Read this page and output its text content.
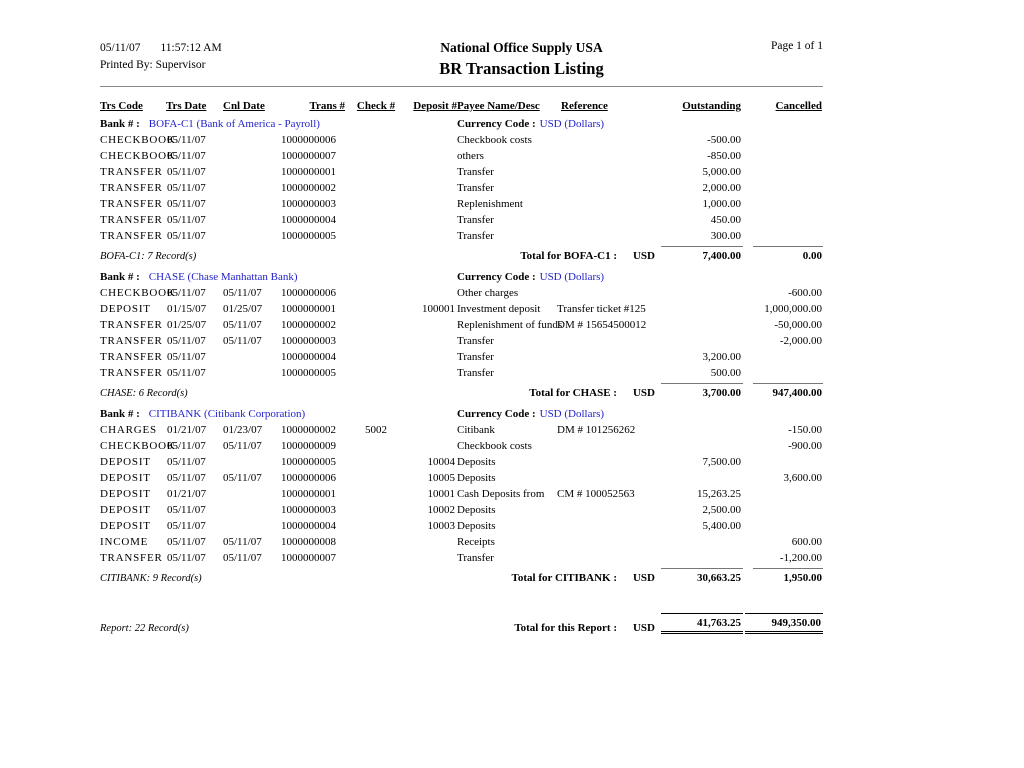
05/11/07 11:57:12 AM
Printed By: Supervisor
National Office Supply USA
BR Transaction Listing
Page 1 of 1
Trs Code	Trs Date	Cnl Date	Trans #	Check #	Deposit #	Payee Name/Desc	Reference	Outstanding	Cancelled
Bank # : BOFA-C1 (Bank of America - Payroll)						Currency Code : USD (Dollars)			
CHECKBOOK	05/11/07		1000000006			Checkbook costs		-500.00	
CHECKBOOK	05/11/07		1000000007			others		-850.00	
TRANSFER	05/11/07		1000000001			Transfer		5,000.00	
TRANSFER	05/11/07		1000000002			Transfer		2,000.00	
TRANSFER	05/11/07		1000000003			Replenishment		1,000.00	
TRANSFER	05/11/07		1000000004			Transfer		450.00	
TRANSFER	05/11/07		1000000005			Transfer		300.00	
BOFA-C1: 7 Record(s)				Total for BOFA-C1 : USD				7,400.00	0.00

Bank # : CHASE (Chase Manhattan Bank)						Currency Code : USD (Dollars)			
CHECKBOOK	05/11/07	05/11/07	1000000006			Other charges			-600.00
DEPOSIT	01/15/07	01/25/07	1000000001		100001	Investment deposit	Transfer ticket #125		1,000,000.00
TRANSFER	01/25/07	05/11/07	1000000002			Replenishment of funds	DM # 15654500012		-50,000.00
TRANSFER	05/11/07	05/11/07	1000000003			Transfer			-2,000.00
TRANSFER	05/11/07		1000000004			Transfer		3,200.00	
TRANSFER	05/11/07		1000000005			Transfer		500.00	
CHASE: 6 Record(s)				Total for CHASE : USD				3,700.00	947,400.00

Bank # : CITIBANK (Citibank Corporation)						Currency Code : USD (Dollars)			
CHARGES	01/21/07	01/23/07	1000000002	5002		Citibank	DM # 101256262		-150.00
CHECKBOOK	05/11/07	05/11/07	1000000009			Checkbook costs			-900.00
DEPOSIT	05/11/07		1000000005		10004	Deposits		7,500.00	
DEPOSIT	05/11/07	05/11/07	1000000006		10005	Deposits			3,600.00
DEPOSIT	01/21/07		1000000001		10001	Cash Deposits from	CM # 100052563	15,263.25	
DEPOSIT	05/11/07		1000000003		10002	Deposits		2,500.00	
DEPOSIT	05/11/07		1000000004		10003	Deposits		5,400.00	
INCOME	05/11/07	05/11/07	1000000008			Receipts			600.00
TRANSFER	05/11/07	05/11/07	1000000007			Transfer			-1,200.00
CITIBANK: 9 Record(s)				Total for CITIBANK : USD				30,663.25	1,950.00

Report: 22 Record(s)				Total for this Report : USD				41,763.25	949,350.00
